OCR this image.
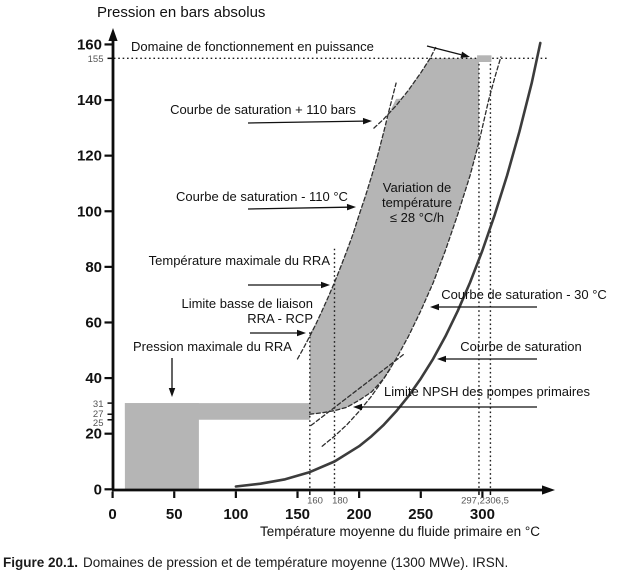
0
20
40
60
80
100
120
140
160
155
31
27
25
0	50	100 150 200 250 300
160 180	297,2 306,5
Pression en bars absolus
Température moyenne du fluide primaire en °C
Domaine de fonctionnement en puissance
Courbe de saturation + 110 bars
Courbe de saturation - 110 °C
Température maximale du RRA
Limite basse de liaison
RRA - RCP
Pression maximale du RRA
Variation de
température
≤ 28 °C/h
Courbe de saturation - 30 °C
Courbe de saturation
Limite NPSH des pompes primaires
Figure 20.1. Domaines de pression et de température moyenne (1300 MWe). IRSN.
